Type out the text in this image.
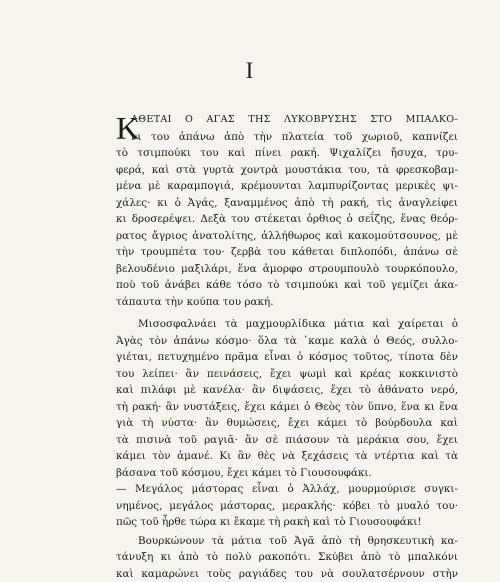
I
Κ
ΑΘΕΤΑΙ Ο ΑΓΑΣ ΤΗΣ ΛΥΚΟΒΡΥΣΗΣ ΣΤΟ ΜΠΑΛΚΟ-
νι του ἀπάνω ἀπὸ τὴν πλατεία τοῦ χωριοῦ, καπνίζει
τὸ τσιμπούκι του καὶ πίνει ρακή. Ψιχαλίζει ἤσυχα, τρυ-
φερά, καὶ στὰ γυρτὰ χοντρὰ μουστάκια του, τὰ φρεσκοβαμ-
μένα μὲ καραμπογιά, κρέμουνται λαμπυρίζοντας μερικὲς ψι-
χάλες· κι ὁ Ἀγάς, ξαναμμένος ἀπὸ τὴ ρακή, τὶς ἀναγλείφει
κι δροσερέψει. Δεξὰ του στέκεται ὀρθιος ὁ σεΐζης, ἕνας θεόρ-
ρατος ἄγριος ἀνατολίτης, ἀλλήθωρος καὶ κακομούτσουνος, μὲ
τὴν τρουμπέτα του· ζερβὰ του κάθεται διπλοπόδι, ἀπάνω σὲ
βελουδένιο μαξιλάρι, ἕνα ἀμορφο στρουμπουλὸ τουρκόπουλο,
ποὺ τοῦ ἀνάβει κάθε τόσο τὸ τσιμπούκι καὶ τοῦ γεμίζει ἀκα-
τάπαυτα τὴν κούπα του ρακή.
Μισοσφαλνάει τὰ μαχμουρλίδικα μάτια καὶ χαίρεται ὁ
Ἀγὰς τὸν ἀπάνω κόσμο· ὅλα τὰ ᾽καμε καλὰ ὁ Θεός, συλλο-
γιέται, πετυχημένο πρᾶμα εἶναι ὁ κόσμος τοῦτος, τίποτα δὲν
του λείπει· ἂν πεινάσεις, ἔχει ψωμὶ καὶ κρέας κοκκινιστὸ
καὶ πιλάφι μὲ κανέλα· ἂν διψάσεις, ἔχει τὸ ἀθάνατο νερό,
τὴ ρακή· ἂν νυστάξεις, ἔχει κάμει ὁ Θεὸς τὸν ὕπνο, ἕνα κι ἕνα
γιὰ τὴ νύστα· ἂν θυμώσεις, ἔχει κάμει τὸ βούρδουλα καὶ
τὰ πισινὰ τοῦ ραγιᾶ· ἂν σὲ πιάσουν τὰ μεράκια σου, ἔχει
κάμει τὸν ἀμανέ. Κι ἂν θὲς νὰ ξεχάσεις τὰ ντέρτια καὶ τὰ
βάσανα τοῦ κόσμου, ἔχει κάμει τὸ Γιουσουφάκι.
— Μεγάλος μάστορας εἶναι ὁ Ἀλλάχ, μουρμούρισε συγκι-
νημένος, μεγάλος μάστορας, μερακλής· κόβει τὸ μυαλό του·
πῶς τοῦ ἦρθε τώρα κι ἔκαμε τὴ ρακὴ καὶ τὸ Γιουσουφάκι!
Βουρκώνουν τὰ μάτια τοῦ Ἀγᾶ ἀπὸ τὴ θρησκευτικὴ κα-
τάνυξη κι ἀπὸ τὸ πολὺ ρακοπότι. Σκύβει ἀπὸ τὸ μπαλκόνι
καὶ καμαρώνει τοὺς ραγιάδες του νὰ σουλατσέρνουν στὴν
